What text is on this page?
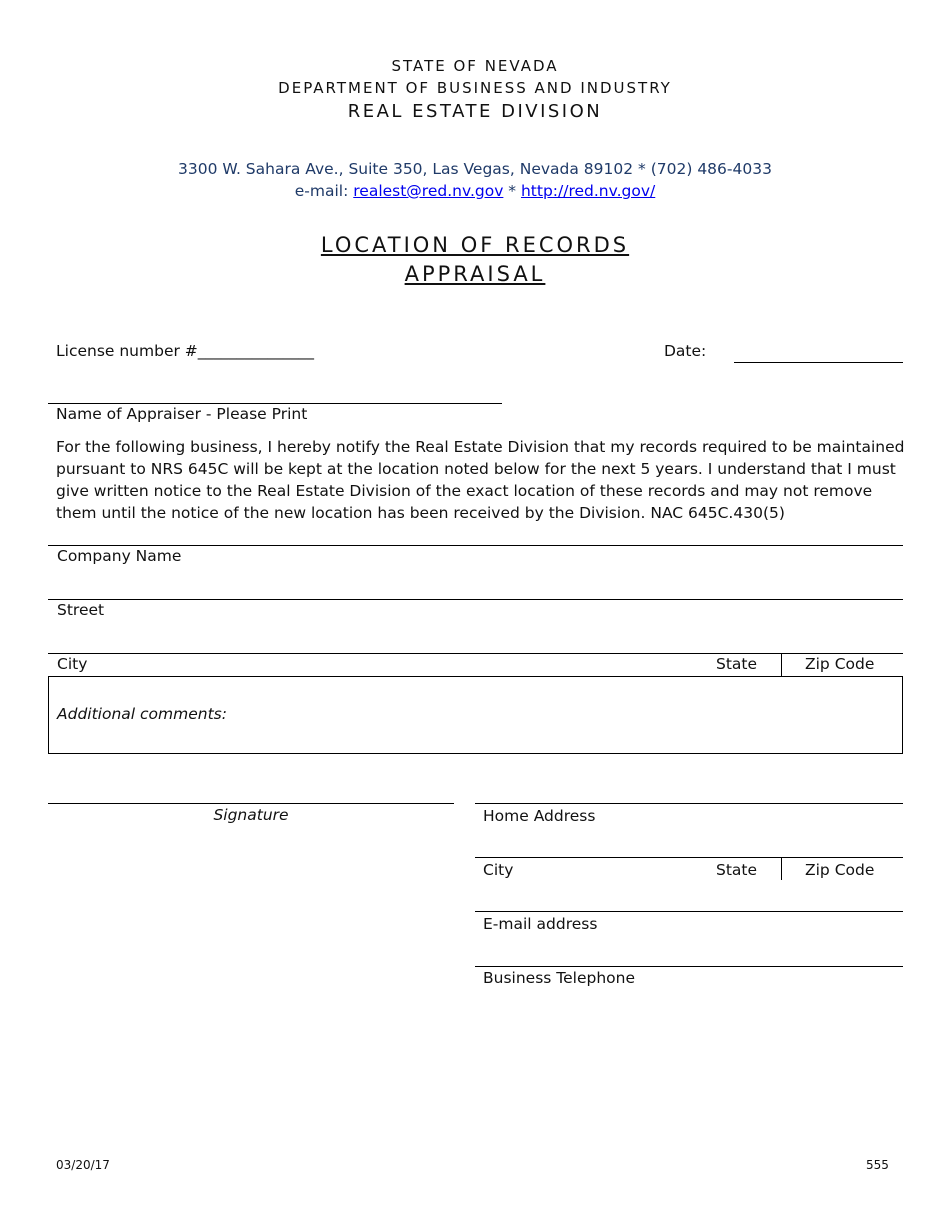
STATE OF NEVADA
DEPARTMENT OF BUSINESS AND INDUSTRY
REAL ESTATE DIVISION
3300 W. Sahara Ave., Suite 350, Las Vegas, Nevada 89102 * (702) 486-4033
e-mail: realest@red.nv.gov * http://red.nv.gov/
LOCATION OF RECORDS
APPRAISAL
License number #_______________	Date:
Name of Appraiser - Please Print
For the following business, I hereby notify the Real Estate Division that my records required to be maintained pursuant to NRS 645C will be kept at the location noted below for the next 5 years. I understand that I must give written notice to the Real Estate Division of the exact location of these records and may not remove them until the notice of the new location has been received by the Division. NAC 645C.430(5)
Company Name
Street
City	State	Zip Code
Additional comments:
Signature	Home Address
City	State	Zip Code
E-mail address
Business Telephone
03/20/17	555
